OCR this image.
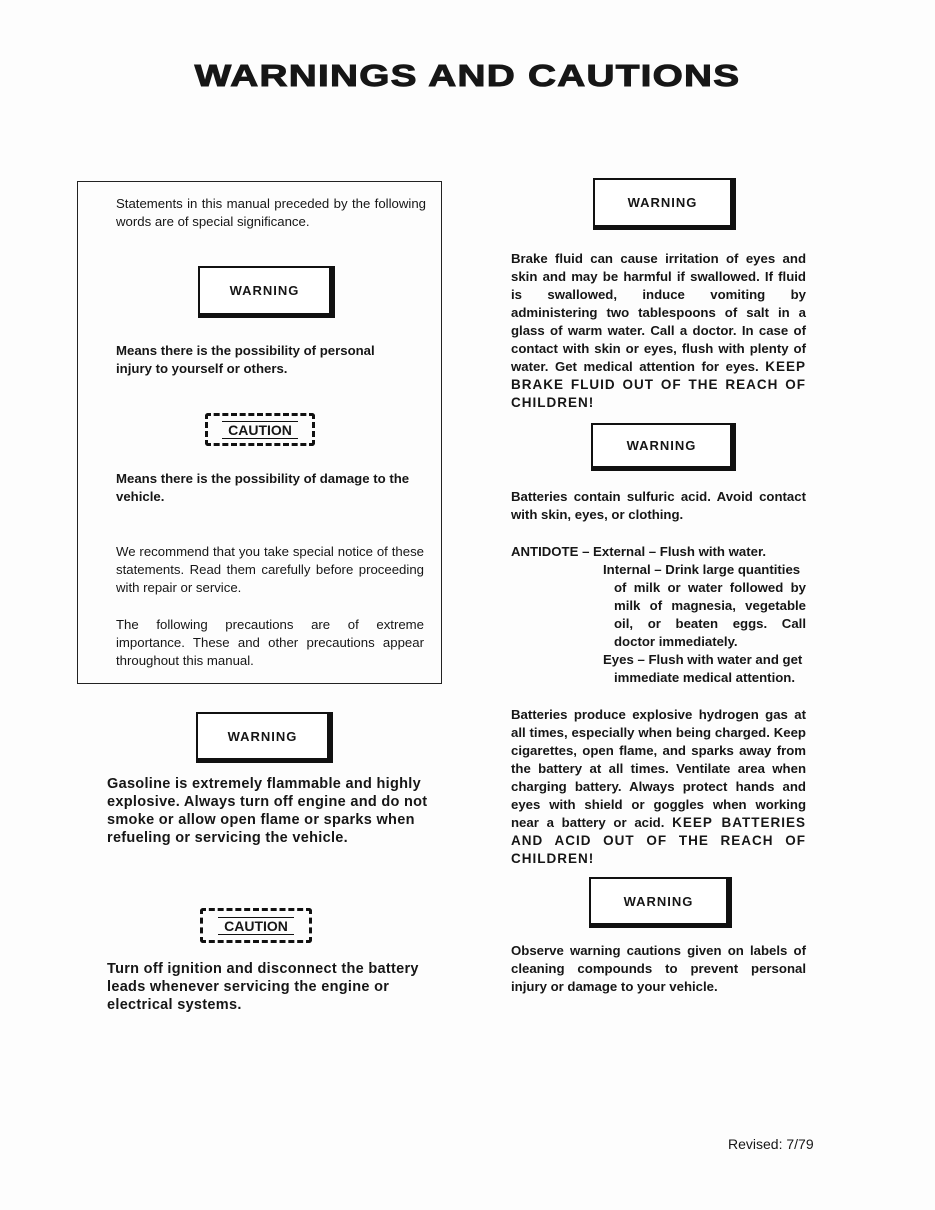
WARNINGS AND CAUTIONS
Statements in this manual preceded by the following words are of special significance.
WARNING
Means there is the possibility of personal injury to yourself or others.
CAUTION
Means there is the possibility of damage to the vehicle.
We recommend that you take special notice of these statements. Read them carefully before proceeding with repair or service.
The following precautions are of extreme importance. These and other precautions appear throughout this manual.
WARNING
Gasoline is extremely flammable and highly explosive. Always turn off engine and do not smoke or allow open flame or sparks when refueling or servicing the vehicle.
CAUTION
Turn off ignition and disconnect the battery leads whenever servicing the engine or electrical systems.
WARNING
Brake fluid can cause irritation of eyes and skin and may be harmful if swallowed. If fluid is swallowed, induce vomiting by administering two tablespoons of salt in a glass of warm water. Call a doctor. In case of contact with skin or eyes, flush with plenty of water. Get medical attention for eyes. KEEP BRAKE FLUID OUT OF THE REACH OF CHILDREN!
WARNING
Batteries contain sulfuric acid. Avoid contact with skin, eyes, or clothing.
ANTIDOTE – External – Flush with water.
Internal – Drink large quantities
of milk or water followed by milk of magnesia, vegetable oil, or beaten eggs. Call doctor immediately.
Eyes – Flush with water and get
immediate medical attention.
Batteries produce explosive hydrogen gas at all times, especially when being charged. Keep cigarettes, open flame, and sparks away from the battery at all times. Ventilate area when charging battery. Always protect hands and eyes with shield or goggles when working near a battery or acid. KEEP BATTERIES AND ACID OUT OF THE REACH OF CHILDREN!
WARNING
Observe warning cautions given on labels of cleaning compounds to prevent personal injury or damage to your vehicle.
Revised: 7/79
